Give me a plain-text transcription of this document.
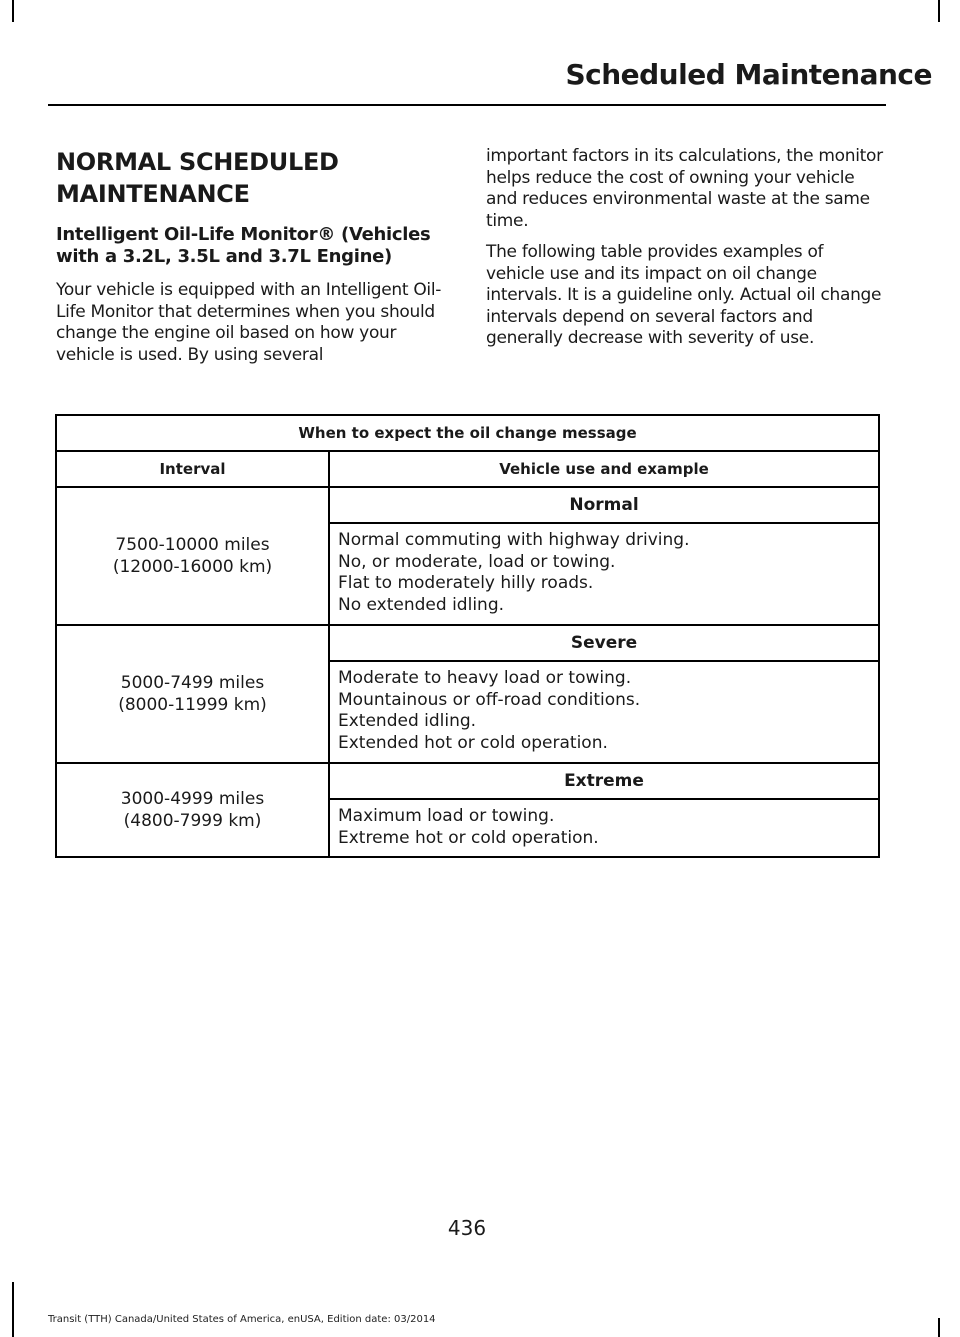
Scheduled Maintenance
NORMAL SCHEDULED MAINTENANCE
Intelligent Oil-Life Monitor® (Vehicles with a 3.2L, 3.5L and 3.7L Engine)

Your vehicle is equipped with an Intelligent Oil-Life Monitor that determines when you should change the engine oil based on how your vehicle is used. By using several

important factors in its calculations, the monitor helps reduce the cost of owning your vehicle and reduces environmental waste at the same time.

The following table provides examples of vehicle use and its impact on oil change intervals. It is a guideline only. Actual oil change intervals depend on several factors and generally decrease with severity of use.

When to expect the oil change message	
Interval	Vehicle use and example

7500-10000 miles
(12000-16000 km)	Normal

	Normal commuting with highway driving.
No, or moderate, load or towing.
Flat to moderately hilly roads.
No extended idling.

5000-7499 miles
(8000-11999 km)	Severe

	Moderate to heavy load or towing.
Mountainous or off-road conditions.
Extended idling.
Extended hot or cold operation.

3000-4999 miles
(4800-7999 km)	Extreme

	Maximum load or towing.
Extreme hot or cold operation.
436
Transit (TTH) Canada/United States of America, enUSA, Edition date: 03/2014
